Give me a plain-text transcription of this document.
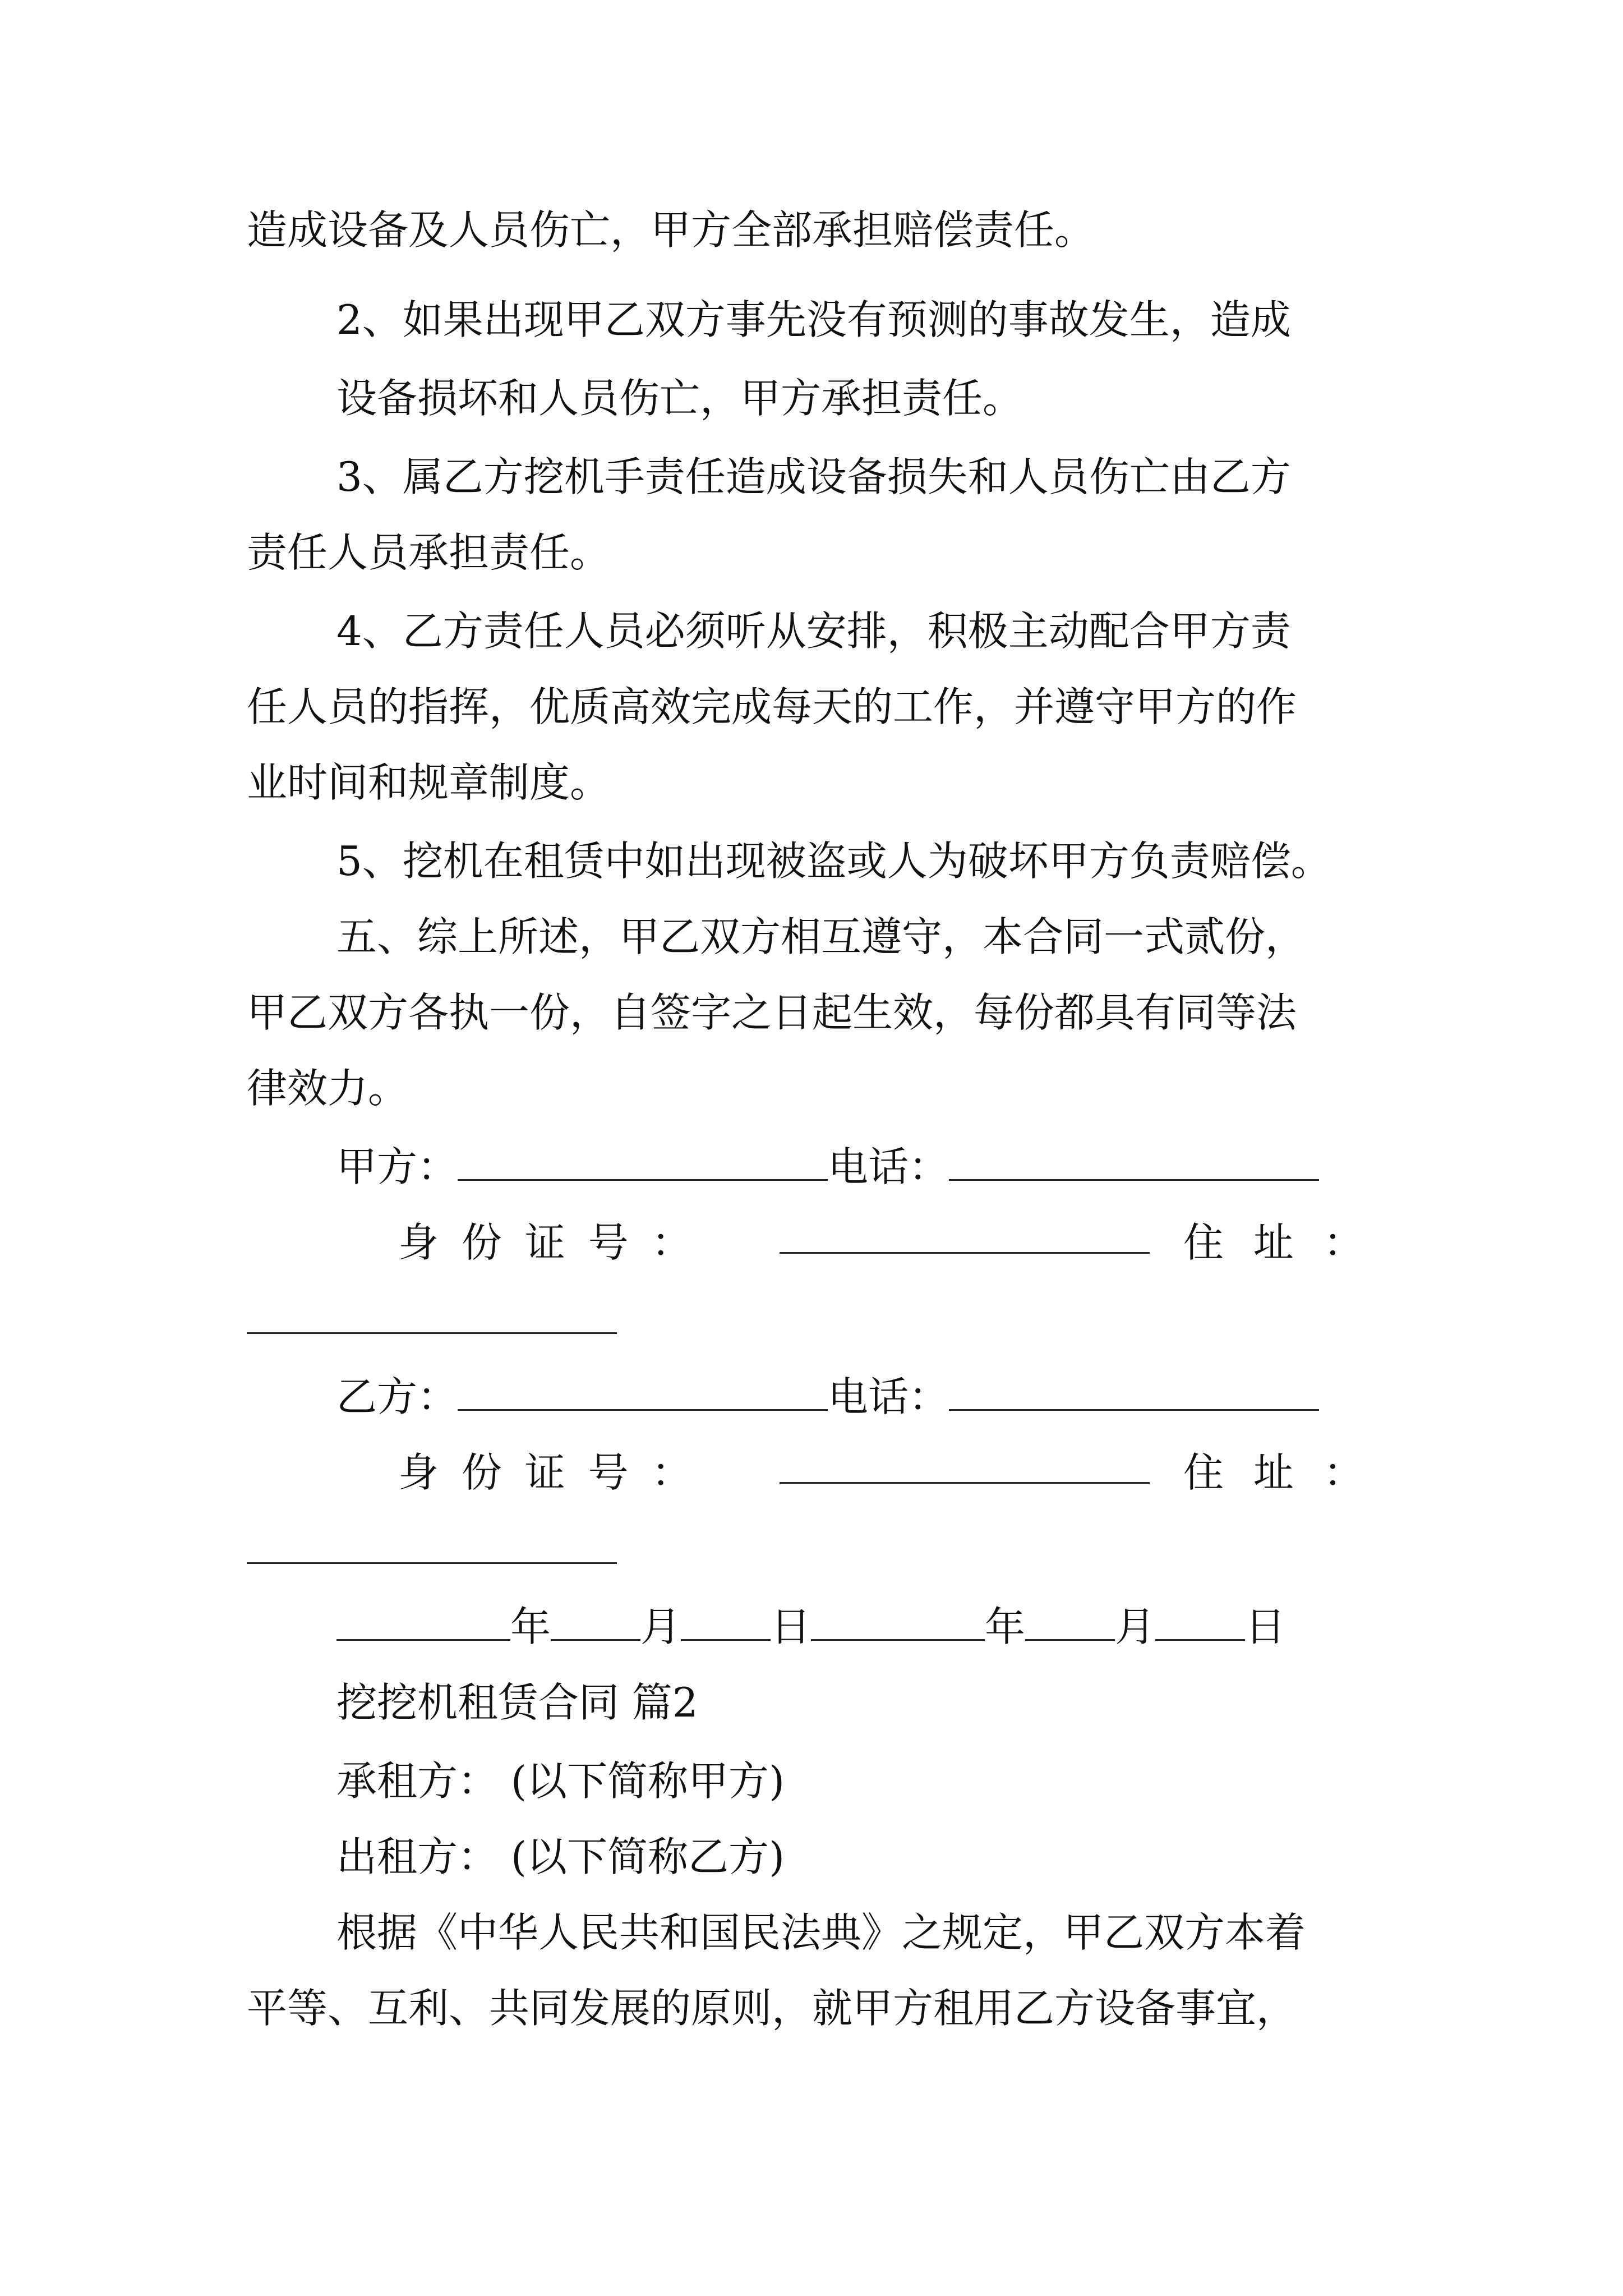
造成设备及人员伤亡，甲方全部承担赔偿责任。
2、如果出现甲乙双方事先没有预测的事故发生，造成
设备损坏和人员伤亡，甲方承担责任。
3、属乙方挖机手责任造成设备损失和人员伤亡由乙方
责任人员承担责任。
4、乙方责任人员必须听从安排，积极主动配合甲方责
任人员的指挥，优质高效完成每天的工作，并遵守甲方的作
业时间和规章制度。
5、挖机在租赁中如出现被盗或人为破坏甲方负责赔偿。
五、综上所述，甲乙双方相互遵守，本合同一式贰份，
甲乙双方各执一份，自签字之日起生效，每份都具有同等法
律效力。
甲方：	电话：
身 份 证 号 ：	住 址 ：
乙方：	电话：
身 份 证 号 ：	住 址 ：
年 月 日	年 月 日
挖挖机租赁合同 篇2
承租方： (以下简称甲方)
出租方： (以下简称乙方)
根据《中华人民共和国民法典》之规定，甲乙双方本着
平等、互利、共同发展的原则，就甲方租用乙方设备事宜，
